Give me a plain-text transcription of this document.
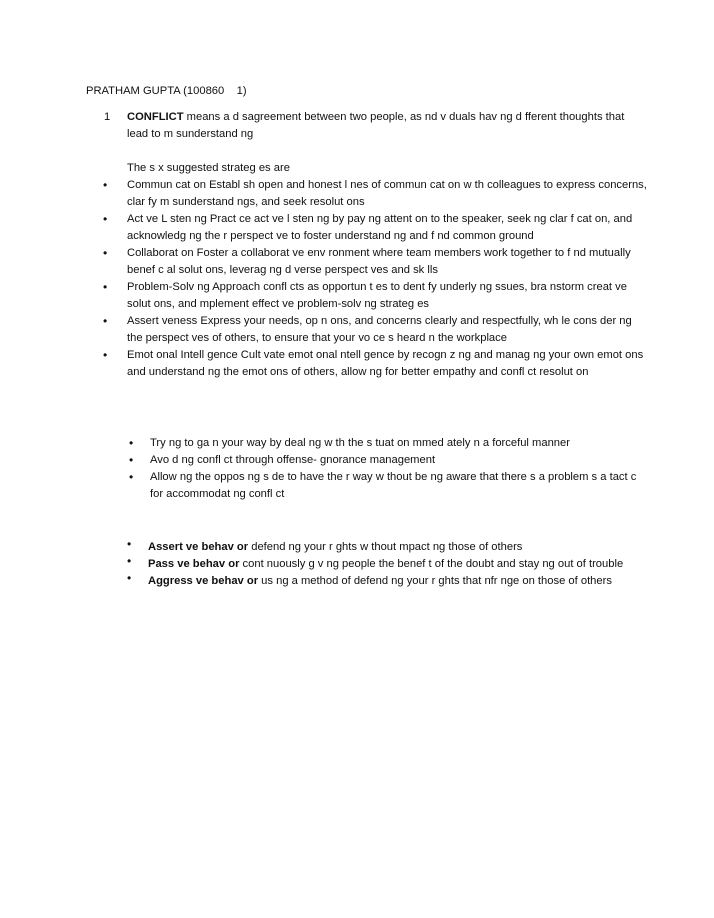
PRATHAM GUPTA (100860    1)
1 CONFLICT means a d sagreement between two people, as nd v duals hav ng d fferent thoughts that lead to m sunderstand ng
The s x suggested strateg es are
• Commun cat on Establ sh open and honest l nes of commun cat on w th colleagues to express concerns, clar fy m sunderstand ngs, and seek resolut ons
• Act ve L sten ng Pract ce act ve l sten ng by pay ng attent on to the speaker, seek ng clar f cat on, and acknowledg ng the r perspect ve to foster understand ng and f nd common ground
• Collaborat on Foster a collaborat ve env ronment where team members work together to f nd mutually benef c al solut ons, leverag ng d verse perspect ves and sk lls
• Problem-Solv ng Approach confl cts as opportun t es to dent fy underly ng ssues, bra nstorm creat ve solut ons, and mplement effect ve problem-solv ng strateg es
• Assert veness Express your needs, op n ons, and concerns clearly and respectfully, wh le cons der ng the perspect ves of others, to ensure that your vo ce s heard n the workplace
• Emot onal Intell gence Cult vate emot onal ntell gence by recogn z ng and manag ng your own emot ons and understand ng the emot ons of others, allow ng for better empathy and confl ct resolut on
• Try ng to ga n your way by deal ng w th the s tuat on mmed ately n a forceful manner
• Avo d ng confl ct through offense- gnorance management
• Allow ng the oppos ng s de to have the r way w thout be ng aware that there s a problem s a tact c for accommodat ng confl ct
• Assert ve behav or defend ng your r ghts w thout mpact ng those of others
• Pass ve behav or cont nuously g v ng people the benef t of the doubt and stay ng out of trouble
• Aggress ve behav or us ng a method of defend ng your r ghts that nfr nge on those of others
